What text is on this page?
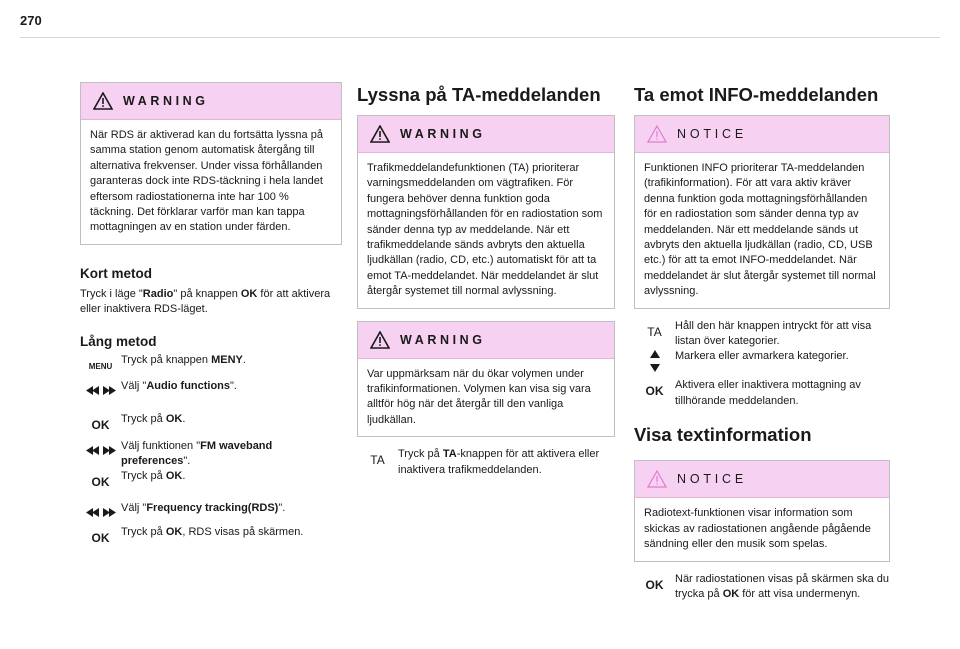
270
WARNING
När RDS är aktiverad kan du fortsätta lyssna på samma station genom automatisk återgång till alternativa frekvenser. Under vissa förhållanden garanteras dock inte RDS-täckning i hela landet eftersom radiostationerna inte har 100 % täckning. Det förklarar varför man kan tappa mottagningen av en station under färden.
Kort metod

Tryck i läge "Radio" på knappen OK för att aktivera eller inaktivera RDS-läget.

Lång metod
MENU
Tryck på knappen MENY.
Välj "Audio functions".
OK Tryck på OK.
Välj funktionen "FM waveband preferences".
OK Tryck på OK.
Välj "Frequency tracking(RDS)".
OK Tryck på OK, RDS visas på skärmen.
Lyssna på TA-meddelanden
WARNING
Trafikmeddelandefunktionen (TA) prioriterar varningsmeddelanden om vägtrafiken. För fungera behöver denna funktion goda mottagningsförhållanden för en radiostation som sänder denna typ av meddelande. När ett trafikmeddelande sänds avbryts den aktuella ljudkällan (radio, CD, etc.) automatiskt för att ta emot TA-meddelandet. När meddelandet är slut återgår systemet till normal avlyssning.
WARNING
Var uppmärksam när du ökar volymen under trafikinformationen. Volymen kan visa sig vara alltför hög när det återgår till den vanliga ljudkällan.
TA Tryck på TA-knappen för att aktivera eller inaktivera trafikmeddelanden.
Ta emot INFO-meddelanden
NOTICE
Funktionen INFO prioriterar TA-meddelanden (trafikinformation). För att vara aktiv kräver denna funktion goda mottagningsförhållanden för en radiostation som sänder denna typ av meddelanden. När ett meddelande sänds ut avbryts den aktuella ljudkällan (radio, CD, USB etc.) för att ta emot INFO-meddelandet. När meddelandet är slut återgår systemet till normal avlyssning.
TA Håll den här knappen intryckt för att visa listan över kategorier.
Markera eller avmarkera kategorier.
OK Aktivera eller inaktivera mottagning av tillhörande meddelanden.
Visa textinformation
NOTICE
Radiotext-funktionen visar information som skickas av radiostationen angående pågående sändning eller den musik som spelas.
OK När radiostationen visas på skärmen ska du trycka på OK för att visa undermenyn.
